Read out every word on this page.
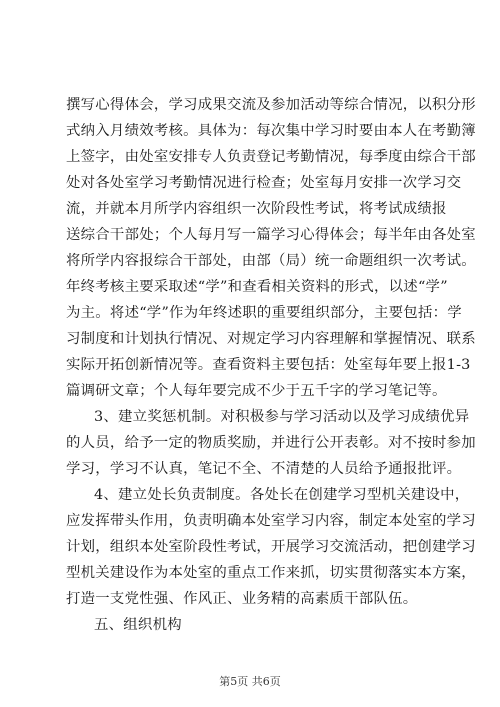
撰写心得体会，学习成果交流及参加活动等综合情况，以积分形
式纳入月绩效考核。具体为：每次集中学习时要由本人在考勤簿
上签字，由处室安排专人负责登记考勤情况，每季度由综合干部
处对各处室学习考勤情况进行检查；处室每月安排一次学习交
流，并就本月所学内容组织一次阶段性考试，将考试成绩报
送综合干部处；个人每月写一篇学习心得体会；每半年由各处室
将所学内容报综合干部处，由部（局）统一命题组织一次考试。
年终考核主要采取述“学”和查看相关资料的形式，以述“学”
为主。将述“学”作为年终述职的重要组织部分，主要包括：学
习制度和计划执行情况、对规定学习内容理解和掌握情况、联系
实际开拓创新情况等。查看资料主要包括：处室每年要上报1-3
篇调研文章；个人每年要完成不少于五千字的学习笔记等。
3、建立奖惩机制。对积极参与学习活动以及学习成绩优异
的人员，给予一定的物质奖励，并进行公开表彰。对不按时参加
学习，学习不认真，笔记不全、不清楚的人员给予通报批评。
4、建立处长负责制度。各处长在创建学习型机关建设中，
应发挥带头作用，负责明确本处室学习内容，制定本处室的学习
计划，组织本处室阶段性考试，开展学习交流活动，把创建学习
型机关建设作为本处室的重点工作来抓，切实贯彻落实本方案，
打造一支党性强、作风正、业务精的高素质干部队伍。
五、组织机构
第5页 共6页
